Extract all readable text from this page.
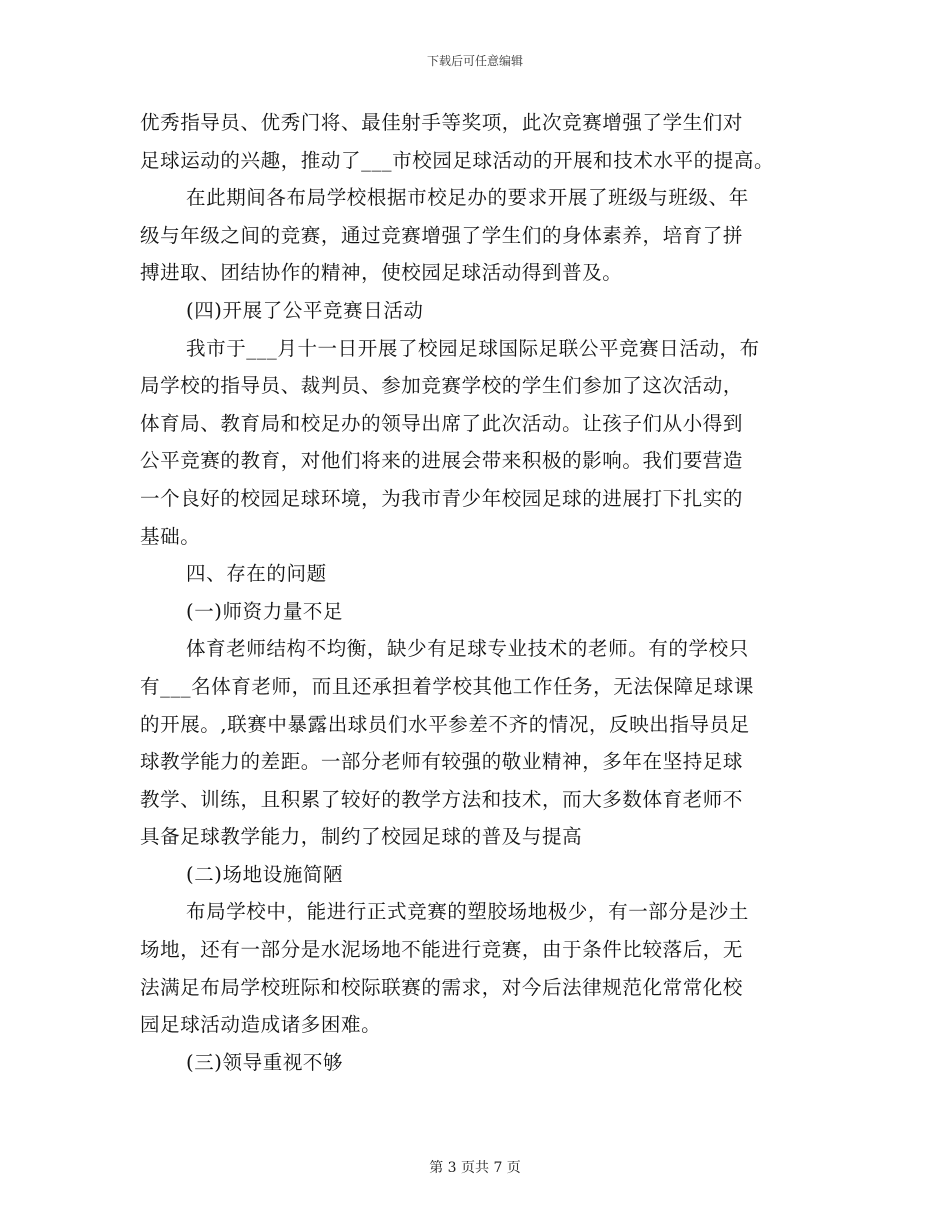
下载后可任意编辑

优秀指导员、优秀门将、最佳射手等奖项，此次竞赛增强了学生们对

足球运动的兴趣，推动了___市校园足球活动的开展和技术水平的提高。

在此期间各布局学校根据市校足办的要求开展了班级与班级、年

级与年级之间的竞赛，通过竞赛增强了学生们的身体素养，培育了拼

搏进取、团结协作的精神，使校园足球活动得到普及。

(四)开展了公平竞赛日活动

我市于___月十一日开展了校园足球国际足联公平竞赛日活动，布

局学校的指导员、裁判员、参加竞赛学校的学生们参加了这次活动，

体育局、教育局和校足办的领导出席了此次活动。让孩子们从小得到

公平竞赛的教育，对他们将来的进展会带来积极的影响。我们要营造

一个良好的校园足球环境，为我市青少年校园足球的进展打下扎实的

基础。

四、存在的问题

(一)师资力量不足

体育老师结构不均衡，缺少有足球专业技术的老师。有的学校只

有___名体育老师，而且还承担着学校其他工作任务，无法保障足球课

的开展。,联赛中暴露出球员们水平参差不齐的情况，反映出指导员足

球教学能力的差距。一部分老师有较强的敬业精神，多年在坚持足球

教学、训练，且积累了较好的教学方法和技术，而大多数体育老师不

具备足球教学能力，制约了校园足球的普及与提高

(二)场地设施简陋

布局学校中，能进行正式竞赛的塑胶场地极少，有一部分是沙土

场地，还有一部分是水泥场地不能进行竞赛，由于条件比较落后，无

法满足布局学校班际和校际联赛的需求，对今后法律规范化常常化校

园足球活动造成诸多困难。

(三)领导重视不够

第 3 页共 7 页
